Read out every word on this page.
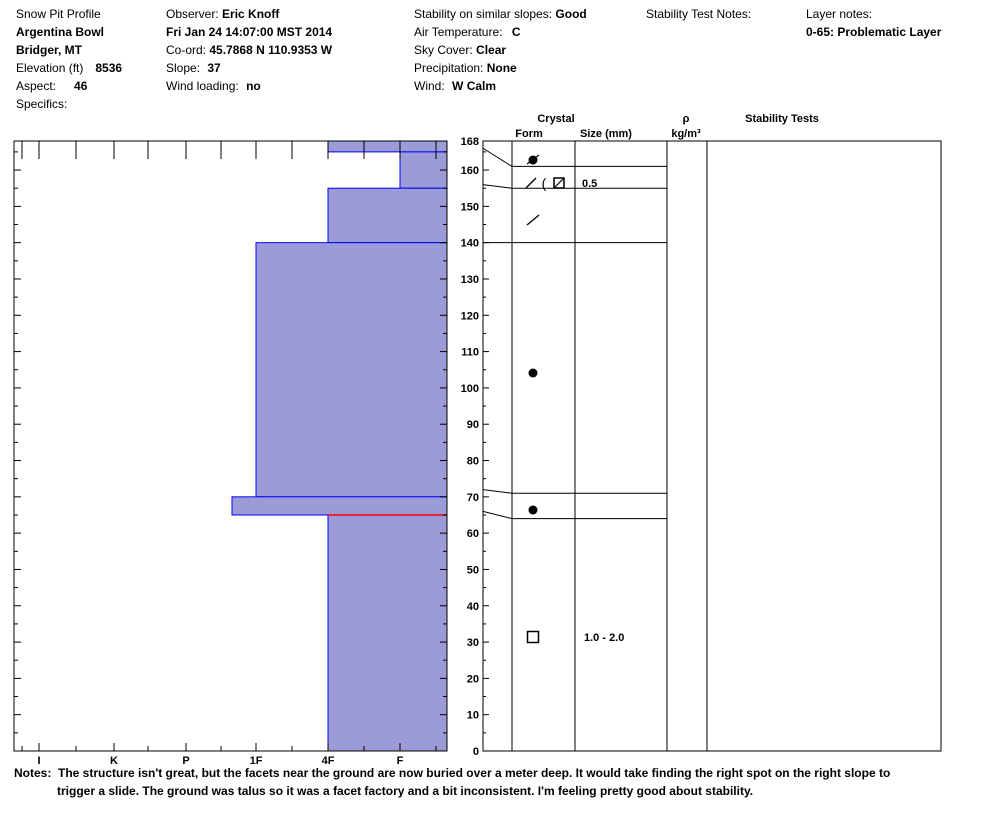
Snow Pit Profile
Argentina Bowl
Bridger, MT
Elevation (ft) 8536
Aspect: 46
Specifics:
Observer: Eric Knoff
Fri Jan 24 14:07:00 MST 2014
Co-ord: 45.7868 N 110.9353 W
Slope: 37
Wind loading: no
Stability on similar slopes: Good
Air Temperature: C
Sky Cover: Clear
Precipitation: None
Wind: W Calm
Stability Test Notes:	Layer notes:
0-65: Problematic Layer
I	K	P	1F	4F	F
0
10
20
30
40
50
60
70
80
90
100
110
120
130
140
150
160
168
Crystal
Form	Size (mm)
ρ
kg/m³
Stability Tests
(	0.5
1.0 - 2.0
Notes: The structure isn't great, but the facets near the ground are now buried over a meter deep. It would take finding the right spot on the right slope to
trigger a slide. The ground was talus so it was a facet factory and a bit inconsistent. I'm feeling pretty good about stability.
